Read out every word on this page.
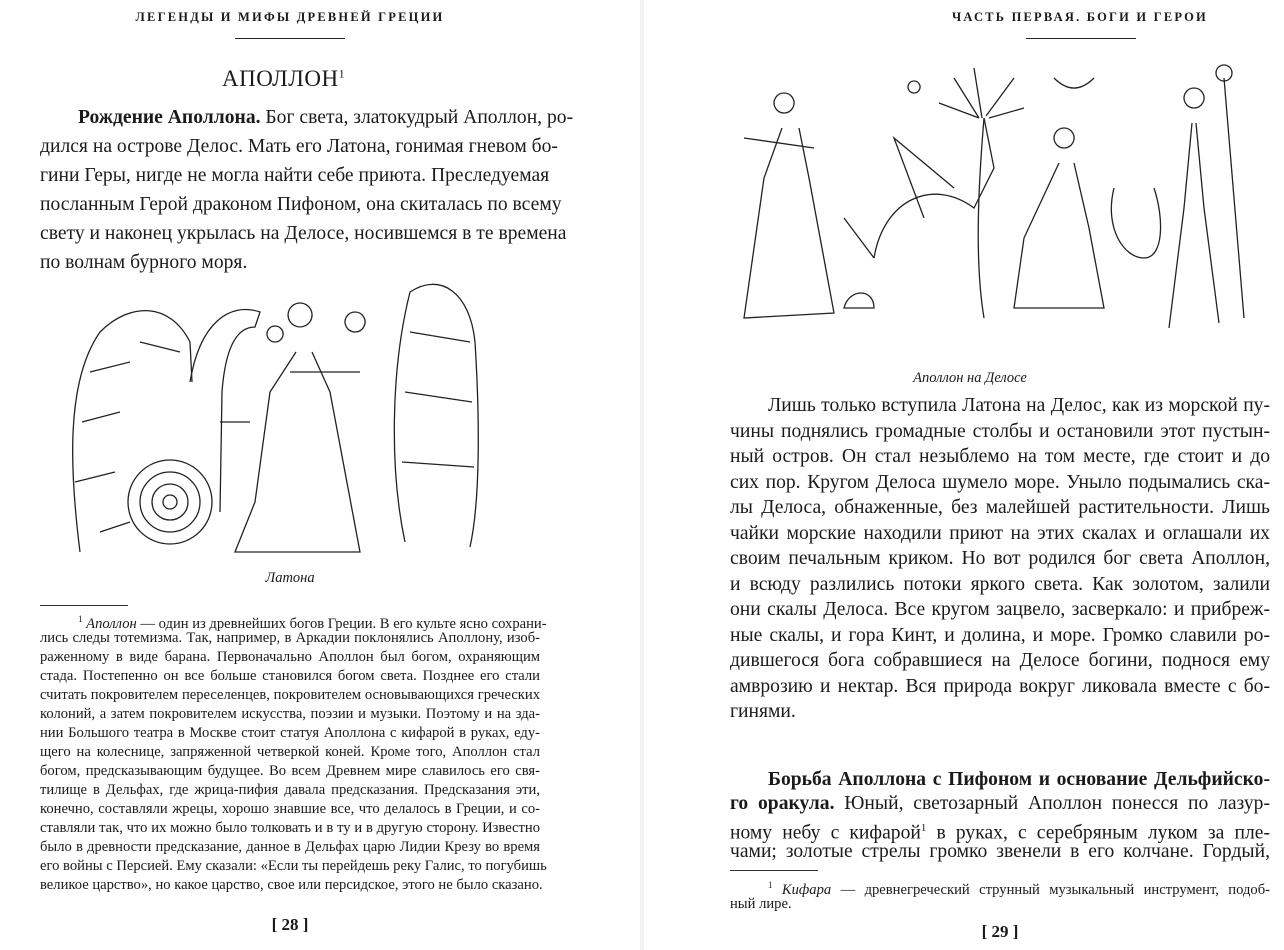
ЛЕГЕНДЫ И МИФЫ ДРЕВНЕЙ ГРЕЦИИ
АПОЛЛОН$^1$
Рождение Аполлона. Бог света, златокудрый Аполлон, ро-
дился на острове Делос. Мать его Латона, гонимая гневом бо-
гини Геры, нигде не могла найти себе приюта. Преследуемая
посланным Герой драконом Пифоном, она скиталась по всему
свету и наконец укрылась на Делосе, носившемся в те времена
по волнам бурного моря.
Латона
$^1$ Аполлон — один из древнейших богов Греции. В его культе ясно сохрани-
лись следы тотемизма. Так, например, в Аркадии поклонялись Аполлону, изоб-
раженному в виде барана. Первоначально Аполлон был богом, охраняющим
стада. Постепенно он все больше становился богом света. Позднее его стали
считать покровителем переселенцев, покровителем основывающихся греческих
колоний, а затем покровителем искусства, поэзии и музыки. Поэтому и на зда-
нии Большого театра в Москве стоит статуя Аполлона с кифарой в руках, еду-
щего на колеснице, запряженной четверкой коней. Кроме того, Аполлон стал
богом, предсказывающим будущее. Во всем Древнем мире славилось его свя-
тилище в Дельфах, где жрица-пифия давала предсказания. Предсказания эти,
конечно, составляли жрецы, хорошо знавшие все, что делалось в Греции, и со-
ставляли так, что их можно было толковать и в ту и в другую сторону. Известно
было в древности предсказание, данное в Дельфах царю Лидии Крезу во время
его войны с Персией. Ему сказали: «Если ты перейдешь реку Галис, то погубишь
великое царство», но какое царство, свое или персидское, этого не было сказано.
[ 28 ]
ЧАСТЬ ПЕРВАЯ. БОГИ И ГЕРОИ
Аполлон на Делосе
Лишь только вступила Латона на Делос, как из морской пу-
чины поднялись громадные столбы и остановили этот пустын-
ный остров. Он стал незыблемо на том месте, где стоит и до
сих пор. Кругом Делоса шумело море. Уныло подымались ска-
лы Делоса, обнаженные, без малейшей растительности. Лишь
чайки морские находили приют на этих скалах и оглашали их
своим печальным криком. Но вот родился бог света Аполлон,
и всюду разлились потоки яркого света. Как золотом, залили
они скалы Делоса. Все кругом зацвело, засверкало: и прибреж-
ные скалы, и гора Кинт, и долина, и море. Громко славили ро-
дившегося бога собравшиеся на Делосе богини, поднося ему
амврозию и нектар. Вся природа вокруг ликовала вместе с бо-
гинями.
Борьба Аполлона с Пифоном и основание Дельфийско-
го оракула. Юный, светозарный Аполлон понесся по лазур-
ному небу с кифарой$^1$ в руках, с серебряным луком за пле-
чами; золотые стрелы громко звенели в его колчане. Гордый,
$^1$ Кифара — древнегреческий струнный музыкальный инструмент, подоб-
ный лире.
[ 29 ]
